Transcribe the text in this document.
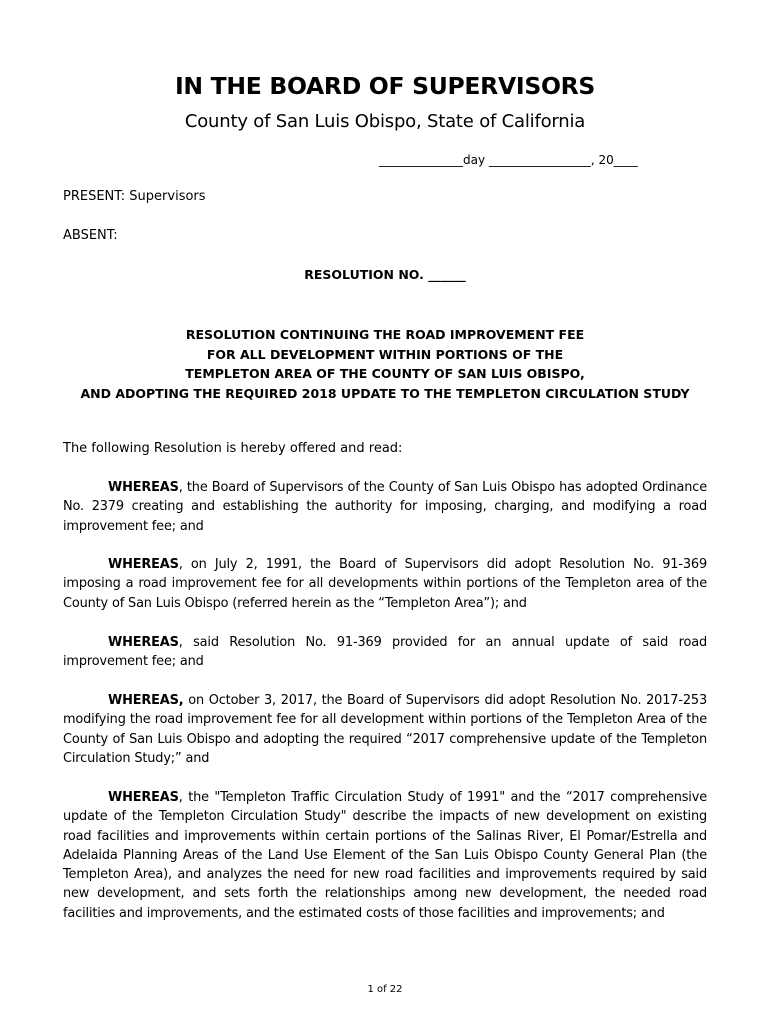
IN THE BOARD OF SUPERVISORS
County of San Luis Obispo, State of California
______________day _________________, 20____
PRESENT: Supervisors
ABSENT:
RESOLUTION NO. ______
RESOLUTION CONTINUING THE ROAD IMPROVEMENT FEE
FOR ALL DEVELOPMENT WITHIN PORTIONS OF THE
TEMPLETON AREA OF THE COUNTY OF SAN LUIS OBISPO,
AND ADOPTING THE REQUIRED 2018 UPDATE TO THE TEMPLETON CIRCULATION STUDY
The following Resolution is hereby offered and read:
WHEREAS, the Board of Supervisors of the County of San Luis Obispo has adopted Ordinance No. 2379 creating and establishing the authority for imposing, charging, and modifying a road improvement fee; and
WHEREAS, on July 2, 1991, the Board of Supervisors did adopt Resolution No. 91-369 imposing a road improvement fee for all developments within portions of the Templeton area of the County of San Luis Obispo (referred herein as the “Templeton Area”); and
WHEREAS, said Resolution No. 91-369 provided for an annual update of said road improvement fee; and
WHEREAS, on October 3, 2017, the Board of Supervisors did adopt Resolution No. 2017-253 modifying the road improvement fee for all development within portions of the Templeton Area of the County of San Luis Obispo and adopting the required “2017 comprehensive update of the Templeton Circulation Study;” and
WHEREAS, the "Templeton Traffic Circulation Study of 1991" and the “2017 comprehensive update of the Templeton Circulation Study" describe the impacts of new development on existing road facilities and improvements within certain portions of the Salinas River, El Pomar/Estrella and Adelaida Planning Areas of the Land Use Element of the San Luis Obispo County General Plan (the Templeton Area), and analyzes the need for new road facilities and improvements required by said new development, and sets forth the relationships among new development, the needed road facilities and improvements, and the estimated costs of those facilities and improvements; and
1 of 22
